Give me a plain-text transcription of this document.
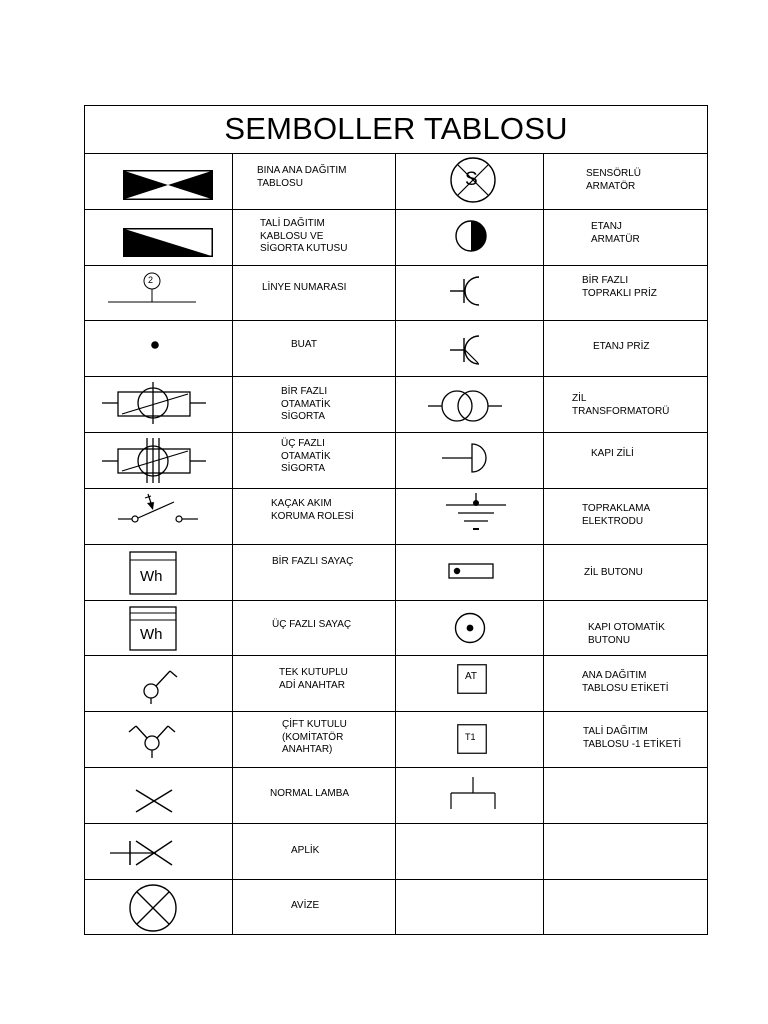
SEMBOLLER TABLOSU
BINA ANA DAĞITIM
TABLOSU
TALİ DAĞITIM
KABLOSU VE
SİGORTA KUTUSU
LİNYE NUMARASI
BUAT
BİR FAZLI
OTAMATİK
SİGORTA
ÜÇ FAZLI
OTAMATİK
SİGORTA
KAÇAK AKIM
KORUMA ROLESİ
BİR FAZLI SAYAÇ
ÜÇ FAZLI SAYAÇ
TEK KUTUPLU
ADİ ANAHTAR
ÇİFT KUTULU
(KOMİTATÖR
ANAHTAR)
NORMAL LAMBA
APLİK
AVİZE
SENSÖRLÜ
ARMATÖR
ETANJ
ARMATÜR
BİR FAZLI
TOPRAKLI PRİZ
ETANJ PRİZ
ZİL
TRANSFORMATORÜ
KAPI ZİLİ
TOPRAKLAMA
ELEKTRODU
ZİL BUTONU
KAPI OTOMATİK
BUTONU
ANA DAĞITIM
TABLOSU ETİKETİ
TALİ DAĞITIM
TABLOSU -1 ETİKETİ
2
Wh
Wh
S
AT
T1
